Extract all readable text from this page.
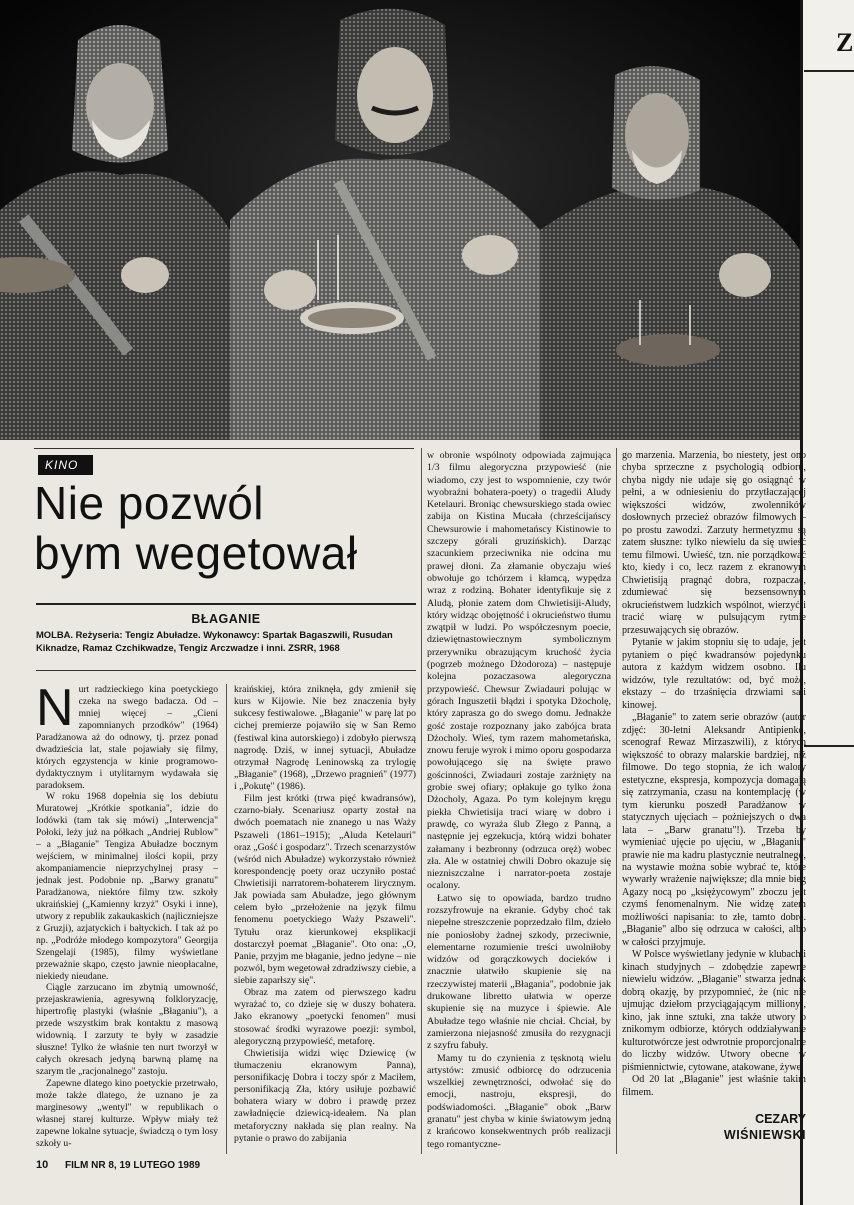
Z
KINO
Nie pozwól
bym wegetował
BŁAGANIE
MOLBA. Reżyseria: Tengiz Abuładze. Wykonawcy: Spartak Bagaszwili, Rusudan Kiknadze, Ramaz Czchikwadze, Tengiz Arczwadze i inni. ZSRR, 1968

Nurt radzieckiego kina poetyckiego czeka na swego badacza. Od – mniej więcej – „Cieni zapomnianych przodków" (1964) Paradżanowa aż do odnowy, tj. przez ponad dwadzieścia lat, stale pojawiały się filmy, których egzystencja w kinie programowo-dydaktycznym i utylitarnym wydawała się paradoksem.

W roku 1968 dopełnia się los debiutu Muratowej „Krótkie spotkania", idzie do lodówki (tam tak się mówi) „Interwencja" Połoki, leży już na półkach „Andriej Rublow" – a „Błaganie" Tengiza Abuładze bocznym wejściem, w minimalnej ilości kopii, przy akompaniamencie nieprzychylnej prasy – jednak jest. Podobnie np. „Barwy granatu" Paradżanowa, niektóre filmy tzw. szkoły ukraińskiej („Kamienny krzyż" Osyki i inne), utwory z republik zakaukaskich (najliczniejsze z Gruzji), azjatyckich i bałtyckich. I tak aż po np. „Podróże młodego kompozytora" Georgija Szengelaji (1985), filmy wyświetlane przeważnie skąpo, często jawnie nieopłacalne, niekiedy nieudane.

Ciągle zarzucano im zbytnią umowność, przejaskrawienia, agresywną folkloryzację, hipertrofię plastyki (właśnie „Błaganiu"), a przede wszystkim brak kontaktu z masową widownią. I zarzuty te były w zasadzie słuszne! Tylko że właśnie ten nurt tworzył w całych okresach jedyną barwną plamę na szarym tle „racjonalnego" zastoju.

Zapewne dlatego kino poetyckie przetrwało, może także dlatego, że uznano je za marginesowy „wentyl" w republikach o własnej starej kulturze. Wpływ miały też zapewne lokalne sytuacje, świadczą o tym losy szkoły u-

kraińskiej, która zniknęła, gdy zmienił się kurs w Kijowie. Nie bez znaczenia były sukcesy festiwalowe. „Błaganie" w parę lat po cichej premierze pojawiło się w San Remo (festiwal kina autorskiego) i zdobyło pierwszą nagrodę. Dziś, w innej sytuacji, Abuładze otrzymał Nagrodę Leninowską za trylogię „Błaganie" (1968), „Drzewo pragnień" (1977) i „Pokutę" (1986).

Film jest krótki (trwa pięć kwadransów), czarno-biały. Scenariusz oparty został na dwóch poematach nie znanego u nas Waży Pszaweli (1861–1915); „Aluda Ketelauri" oraz „Gość i gospodarz". Trzech scenarzystów (wśród nich Abuładze) wykorzystało również korespondencję poety oraz uczyniło postać Chwietisiji narratorem-bohaterem lirycznym. Jak powiada sam Abuładze, jego głównym celem było „przełożenie na język filmu fenomenu poetyckiego Waży Pszaweli". Tytułu oraz kierunkowej eksplikacji dostarczył poemat „Błaganie". Oto ona: „O, Panie, przyjm me błaganie, jedno jedyne – nie pozwól, bym wegetował zdradziwszy ciebie, a siebie zaparłszy się".

Obraz ma zatem od pierwszego kadru wyrażać to, co dzieje się w duszy bohatera. Jako ekranowy „poetycki fenomen" musi stosować środki wyrazowe poezji: symbol, alegoryczną przypowieść, metaforę.

Chwietisija widzi więc Dziewicę (w tłumaczeniu ekranowym Panna), personifikację Dobra i toczy spór z Maciłem, personifikacją Zła, który usiłuje pozbawić bohatera wiary w dobro i prawdę przez zawładnięcie dziewicą-ideałem. Na plan metaforyczny nakłada się plan realny. Na pytanie o prawo do zabijania

w obronie wspólnoty odpowiada zajmująca 1/3 filmu alegoryczna przypowieść (nie wiadomo, czy jest to wspomnienie, czy twór wyobraźni bohatera-poety) o tragedii Aludy Ketelauri. Broniąc chewsurskiego stada owiec zabija on Kistina Mucała (chrześcijańscy Chewsurowie i mahometańscy Kistinowie to szczepy górali gruzińskich). Darząc szacunkiem przeciwnika nie odcina mu prawej dłoni. Za złamanie obyczaju wieś obwołuje go tchórzem i kłamcą, wypędza wraz z rodziną. Bohater identyfikuje się z Aludą, płonie zatem dom Chwietisiji-Aludy, który widząc obojętność i okrucieństwo tłumu zwątpił w ludzi. Po współczesnym poecie, dziewiętnastowiecznym symbolicznym przerywniku obrazującym kruchość życia (pogrzeb możnego Dżodoroza) – następuje kolejna pozaczasowa alegoryczna przypowieść. Chewsur Zwiadauri polując w górach Inguszetii błądzi i spotyka Dżocholę, który zaprasza go do swego domu. Jednakże gość zostaje rozpoznany jako zabójca brata Dżocholy. Wieś, tym razem mahometańska, znowu feruje wyrok i mimo oporu gospodarza powołującego się na święte prawo gościnności, Zwiadauri zostaje zarżnięty na grobie swej ofiary; opłakuje go tylko żona Dżocholy, Agaza. Po tym kolejnym kręgu piekła Chwietisija traci wiarę w dobro i prawdę, co wyraża ślub Złego z Panną, a następnie jej egzekucja, którą widzi bohater załamany i bezbronny (odrzuca oręż) wobec zła. Ale w ostatniej chwili Dobro okazuje się niezniszczalne i narrator-poeta zostaje ocalony.

Łatwo się to opowiada, bardzo trudno rozszyfrowuje na ekranie. Gdyby choć tak niepełne streszczenie poprzedzało film, dzieło nie poniosłoby żadnej szkody, przeciwnie, elementarne rozumienie treści uwolniłoby widzów od gorączkowych docieków i znacznie ułatwiło skupienie się na rzeczywistej materii „Błagania", podobnie jak drukowane libretto ułatwia w operze skupienie się na muzyce i śpiewie. Ale Abuładze tego właśnie nie chciał. Chciał, by zamierzona niejasność zmusiła do rezygnacji z szyfru fabuły.

Mamy tu do czynienia z tęsknotą wielu artystów: zmusić odbiorcę do odrzucenia wszelkiej zewnętrzności, odwołać się do emocji, nastroju, ekspresji, do podświadomości. „Błaganie" obok „Barw granatu" jest chyba w kinie światowym jedną z krańcowo konsekwentnych prób realizacji tego romantyczne-

go marzenia. Marzenia, bo niestety, jest ono chyba sprzeczne z psychologią odbioru, chyba nigdy nie udaje się go osiągnąć w pełni, a w odniesieniu do przytłaczającej większości widzów, zwolenników dosłownych przecież obrazów filmowych – po prostu zawodzi. Zarzuty hermetyzmu są zatem słuszne: tylko niewielu da się uwieść temu filmowi. Uwieść, tzn. nie porządkować kto, kiedy i co, lecz razem z ekranowym Chwietisiją pragnąć dobra, rozpaczać, zdumiewać się bezsensownym okrucieństwem ludzkich wspólnot, wierzyć i tracić wiarę w pulsującym rytmie przesuwających się obrazów.

Pytanie w jakim stopniu się to udaje, jest pytaniem o pięć kwadransów pojedynku autora z każdym widzem osobno. Ilu widzów, tyle rezultatów: od, być może, ekstazy – do trzaśnięcia drzwiami sali kinowej.

„Błaganie" to zatem serie obrazów (autor zdjęć: 30-letni Aleksandr Antipienko, scenograf Rewaz Mirzaszwili), z których większość to obrazy malarskie bardziej, niż filmowe. Do tego stopnia, że ich walory estetyczne, ekspresja, kompozycja domagają się zatrzymania, czasu na kontemplację (w tym kierunku poszedł Paradżanow w statycznych ujęciach – pożniejszych o dwa lata – „Barw granatu"!). Trzeba by wymieniać ujęcie po ujęciu, w „Błaganiu" prawie nie ma kadru plastycznie neutralnego, na wystawie można sobie wybrać te, które wywarły wrażenie największe; dla mnie bieg Agazy nocą po „księżycowym" zboczu jest czymś fenomenalnym. Nie widzę zatem możliwości napisania: to złe, tamto dobre. „Błaganie" albo się odrzuca w całości, albo w całości przyjmuje.

W Polsce wyświetlany jedynie w klubach i kinach studyjnych – zdobędzie zapewne niewielu widzów. „Błaganie" stwarza jednak dobrą okazję, by przypomnieć, że (nic nie ujmując dziełom przyciągającym milliony), kino, jak inne sztuki, zna także utwory o znikomym odbiorze, których oddziaływanie kulturotwórcze jest odwrotnie proporcjonalne do liczby widzów. Utwory obecne w piśmiennictwie, cytowane, atakowane, żywe.

Od 20 lat „Błaganie" jest właśnie takim filmem.

CEZARY
WIŚNIEWSKI
10 FILM NR 8, 19 LUTEGO 1989
